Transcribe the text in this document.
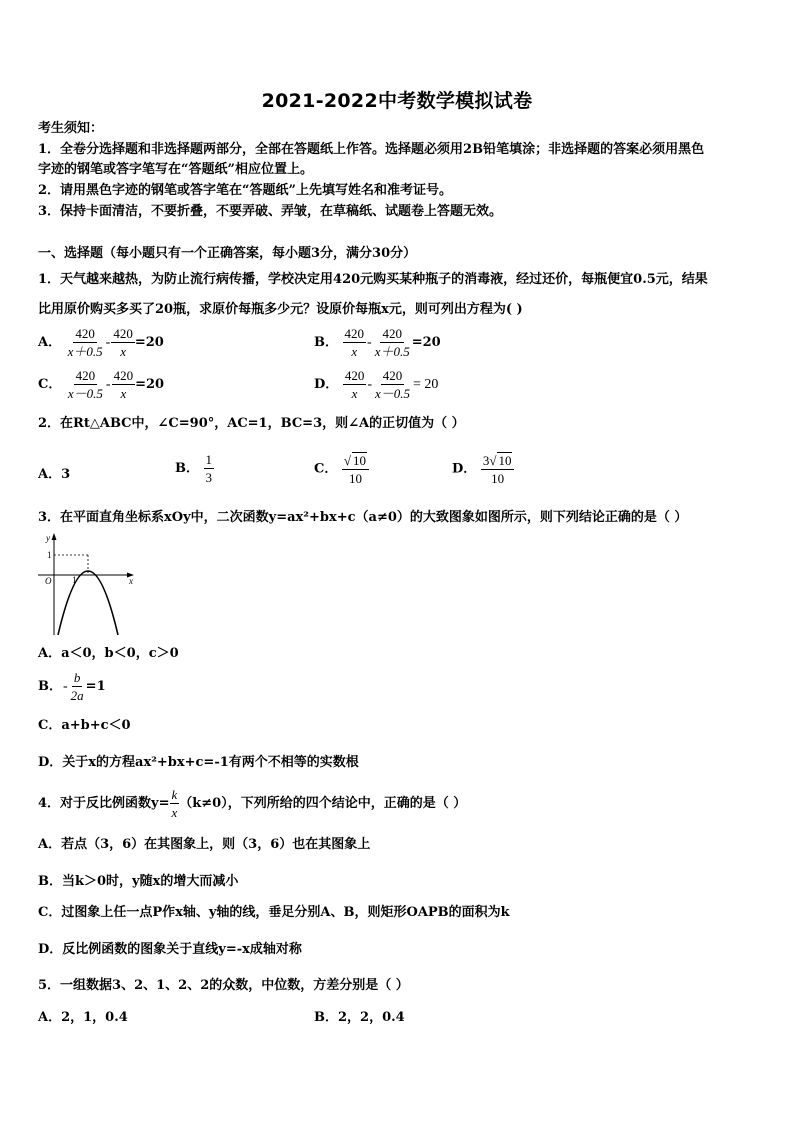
2021-2022中考数学模拟试卷
考生须知：
1．全卷分选择题和非选择题两部分，全部在答题纸上作答。选择题必须用2B铅笔填涂；非选择题的答案必须用黑色
字迹的钢笔或答字笔写在“答题纸”相应位置上。
2．请用黑色字迹的钢笔或答字笔在“答题纸”上先填写姓名和准考证号。
3．保持卡面清洁，不要折叠，不要弄破、弄皱，在草稿纸、试题卷上答题无效。
一、选择题（每小题只有一个正确答案，每小题3分，满分30分）
1．天气越来越热，为防止流行病传播，学校决定用420元购买某种瓶子的消毒液，经过还价，每瓶便宜0.5元，结果
比用原价购买多买了20瓶，求原价每瓶多少元？设原价每瓶x元，则可列出方程为( )
A． $\frac{420}{x+0.5} - \frac{420}{x} =20$	B． $\frac{420}{x} - \frac{420}{x+0.5} =20$
C． $\frac{420}{x-0.5} - \frac{420}{x} =20$	D． $\frac{420}{x} - \frac{420}{x-0.5} = 20$
2．在Rt△ABC中，∠C=90°，AC=1，BC=3，则∠A的正切值为（ ）
A．3	B． $\frac{1}{3}$	C． $\frac{√ 10}{10}$	D． $\frac{3√ 10}{10}$
3．在平面直角坐标系xOy中，二次函数y=ax²+bx+c（a≠0）的大致图象如图所示，则下列结论正确的是（ ）
y
x
O
1
1
A．a＜0，b＜0，c＞0
B．- $\frac{b}{2a} =1$
C．a+b+c＜0
D．关于x的方程ax²+bx+c=-1有两个不相等的实数根
4．对于反比例函数$y= \frac{k}{x} (k\ne 0)$，下列所给的四个结论中，正确的是（ ）
A．若点（3，6）在其图象上，则（3，6）也在其图象上
B．当k＞0时，y随x的增大而减小
C．过图象上任一点P作x轴、y轴的线，垂足分别A、B，则矩形OAPB的面积为k
D．反比例函数的图象关于直线y=-x成轴对称
5．一组数据3、2、1、2、2的众数，中位数，方差分别是（ ）
A．2，1，0.4	B．2，2，0.4
